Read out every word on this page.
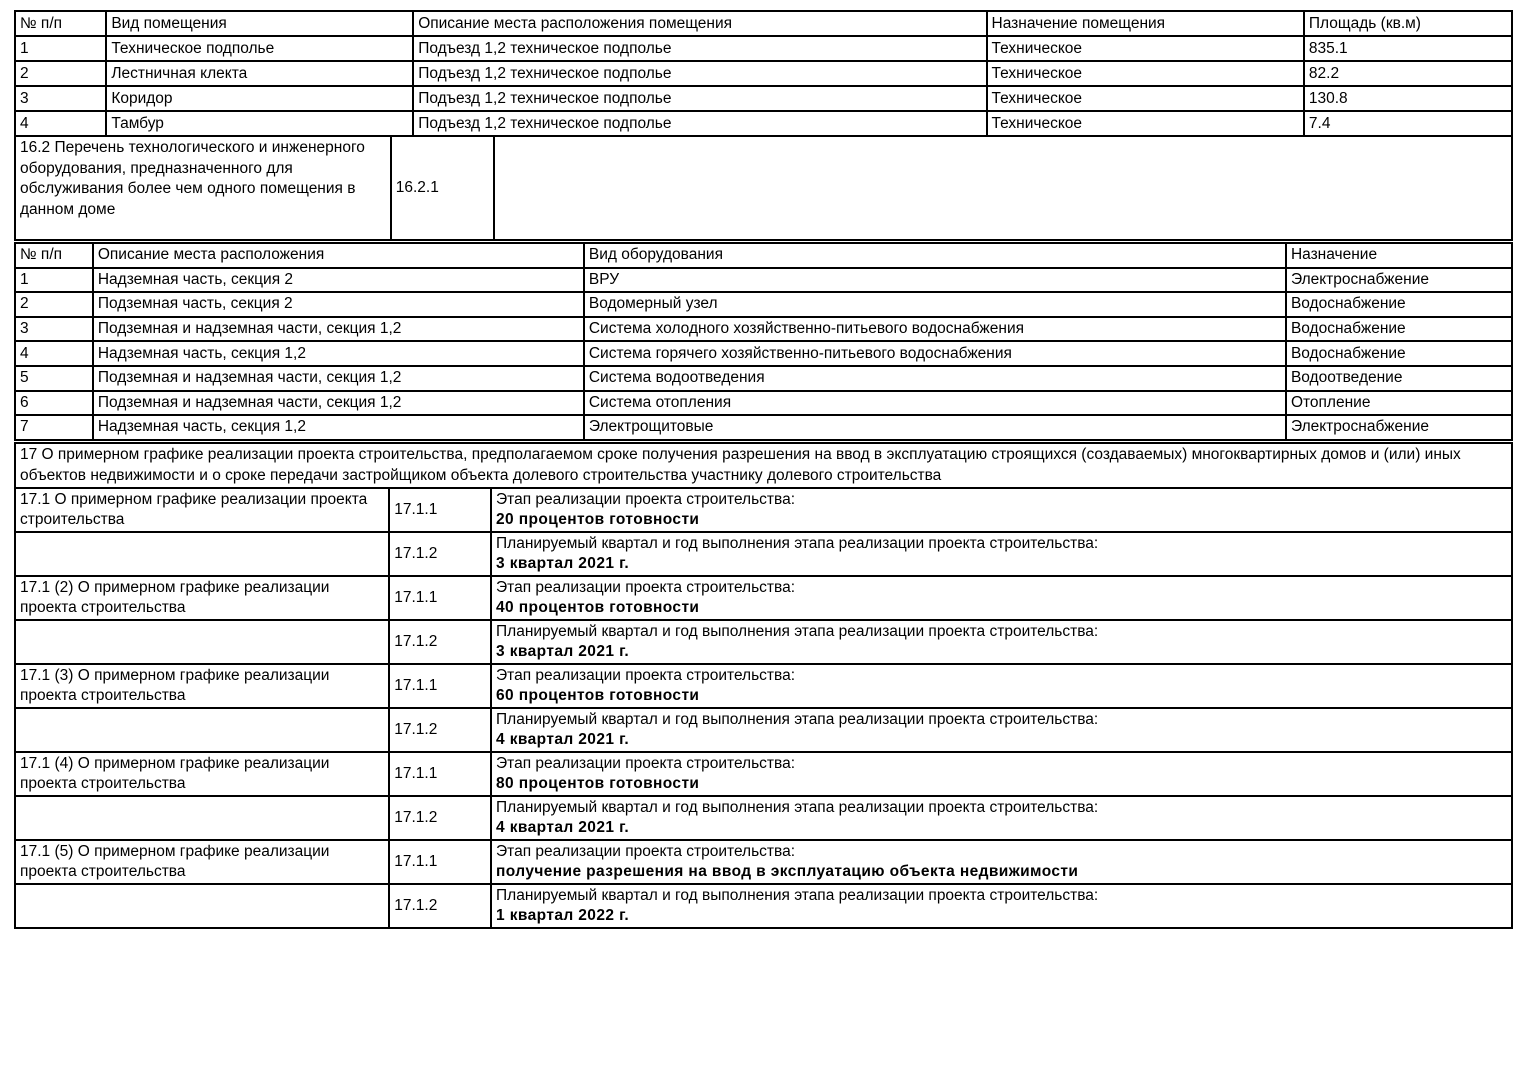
№ п/п	Вид помещения	Описание места расположения помещения	Назначение помещения	Площадь (кв.м)
1	Техническое подполье	Подъезд 1,2 техническое подполье	Техническое	835.1
2	Лестничная клекта	Подъезд 1,2 техническое подполье	Техническое	82.2
3	Коридор	Подъезд 1,2 техническое подполье	Техническое	130.8
4	Тамбур	Подъезд 1,2 техническое подполье	Техническое	7.4
16.2 Перечень технологического и инженерного оборудования, предназначенного для обслуживания более чем одного помещения в данном доме	16.2.1	
№ п/п	Описание места расположения	Вид оборудования	Назначение
1	Надземная часть, секция 2	ВРУ	Электроснабжение
2	Подземная часть, секция 2	Водомерный узел	Водоснабжение
3	Подземная и надземная части, секция 1,2	Система холодного хозяйственно-питьевого водоснабжения	Водоснабжение
4	Надземная часть, секция 1,2	Система горячего хозяйственно-питьевого водоснабжения	Водоснабжение
5	Подземная и надземная части, секция 1,2	Система водоотведения	Водоотведение
6	Подземная и надземная части, секция 1,2	Система отопления	Отопление
7	Надземная часть, секция 1,2	Электрощитовые	Электроснабжение
17 О примерном графике реализации проекта строительства, предполагаемом сроке получения разрешения на ввод в эксплуатацию строящихся (создаваемых) многоквартирных домов и (или) иных объектов недвижимости и о сроке передачи застройщиком объекта долевого строительства участнику долевого строительства		
17.1 О примерном графике реализации проекта строительства	17.1.1	Этап реализации проекта строительства:
20 процентов готовности

	17.1.2	Планируемый квартал и год выполнения этапа реализации проекта строительства:
3 квартал 2021 г.

17.1 (2) О примерном графике реализации проекта строительства	17.1.1	Этап реализации проекта строительства:
40 процентов готовности

	17.1.2	Планируемый квартал и год выполнения этапа реализации проекта строительства:
3 квартал 2021 г.

17.1 (3) О примерном графике реализации проекта строительства	17.1.1	Этап реализации проекта строительства:
60 процентов готовности

	17.1.2	Планируемый квартал и год выполнения этапа реализации проекта строительства:
4 квартал 2021 г.

17.1 (4) О примерном графике реализации проекта строительства	17.1.1	Этап реализации проекта строительства:
80 процентов готовности

	17.1.2	Планируемый квартал и год выполнения этапа реализации проекта строительства:
4 квартал 2021 г.

17.1 (5) О примерном графике реализации проекта строительства	17.1.1	Этап реализации проекта строительства:
получение разрешения на ввод в эксплуатацию объекта недвижимости

	17.1.2	Планируемый квартал и год выполнения этапа реализации проекта строительства:
1 квартал 2022 г.
